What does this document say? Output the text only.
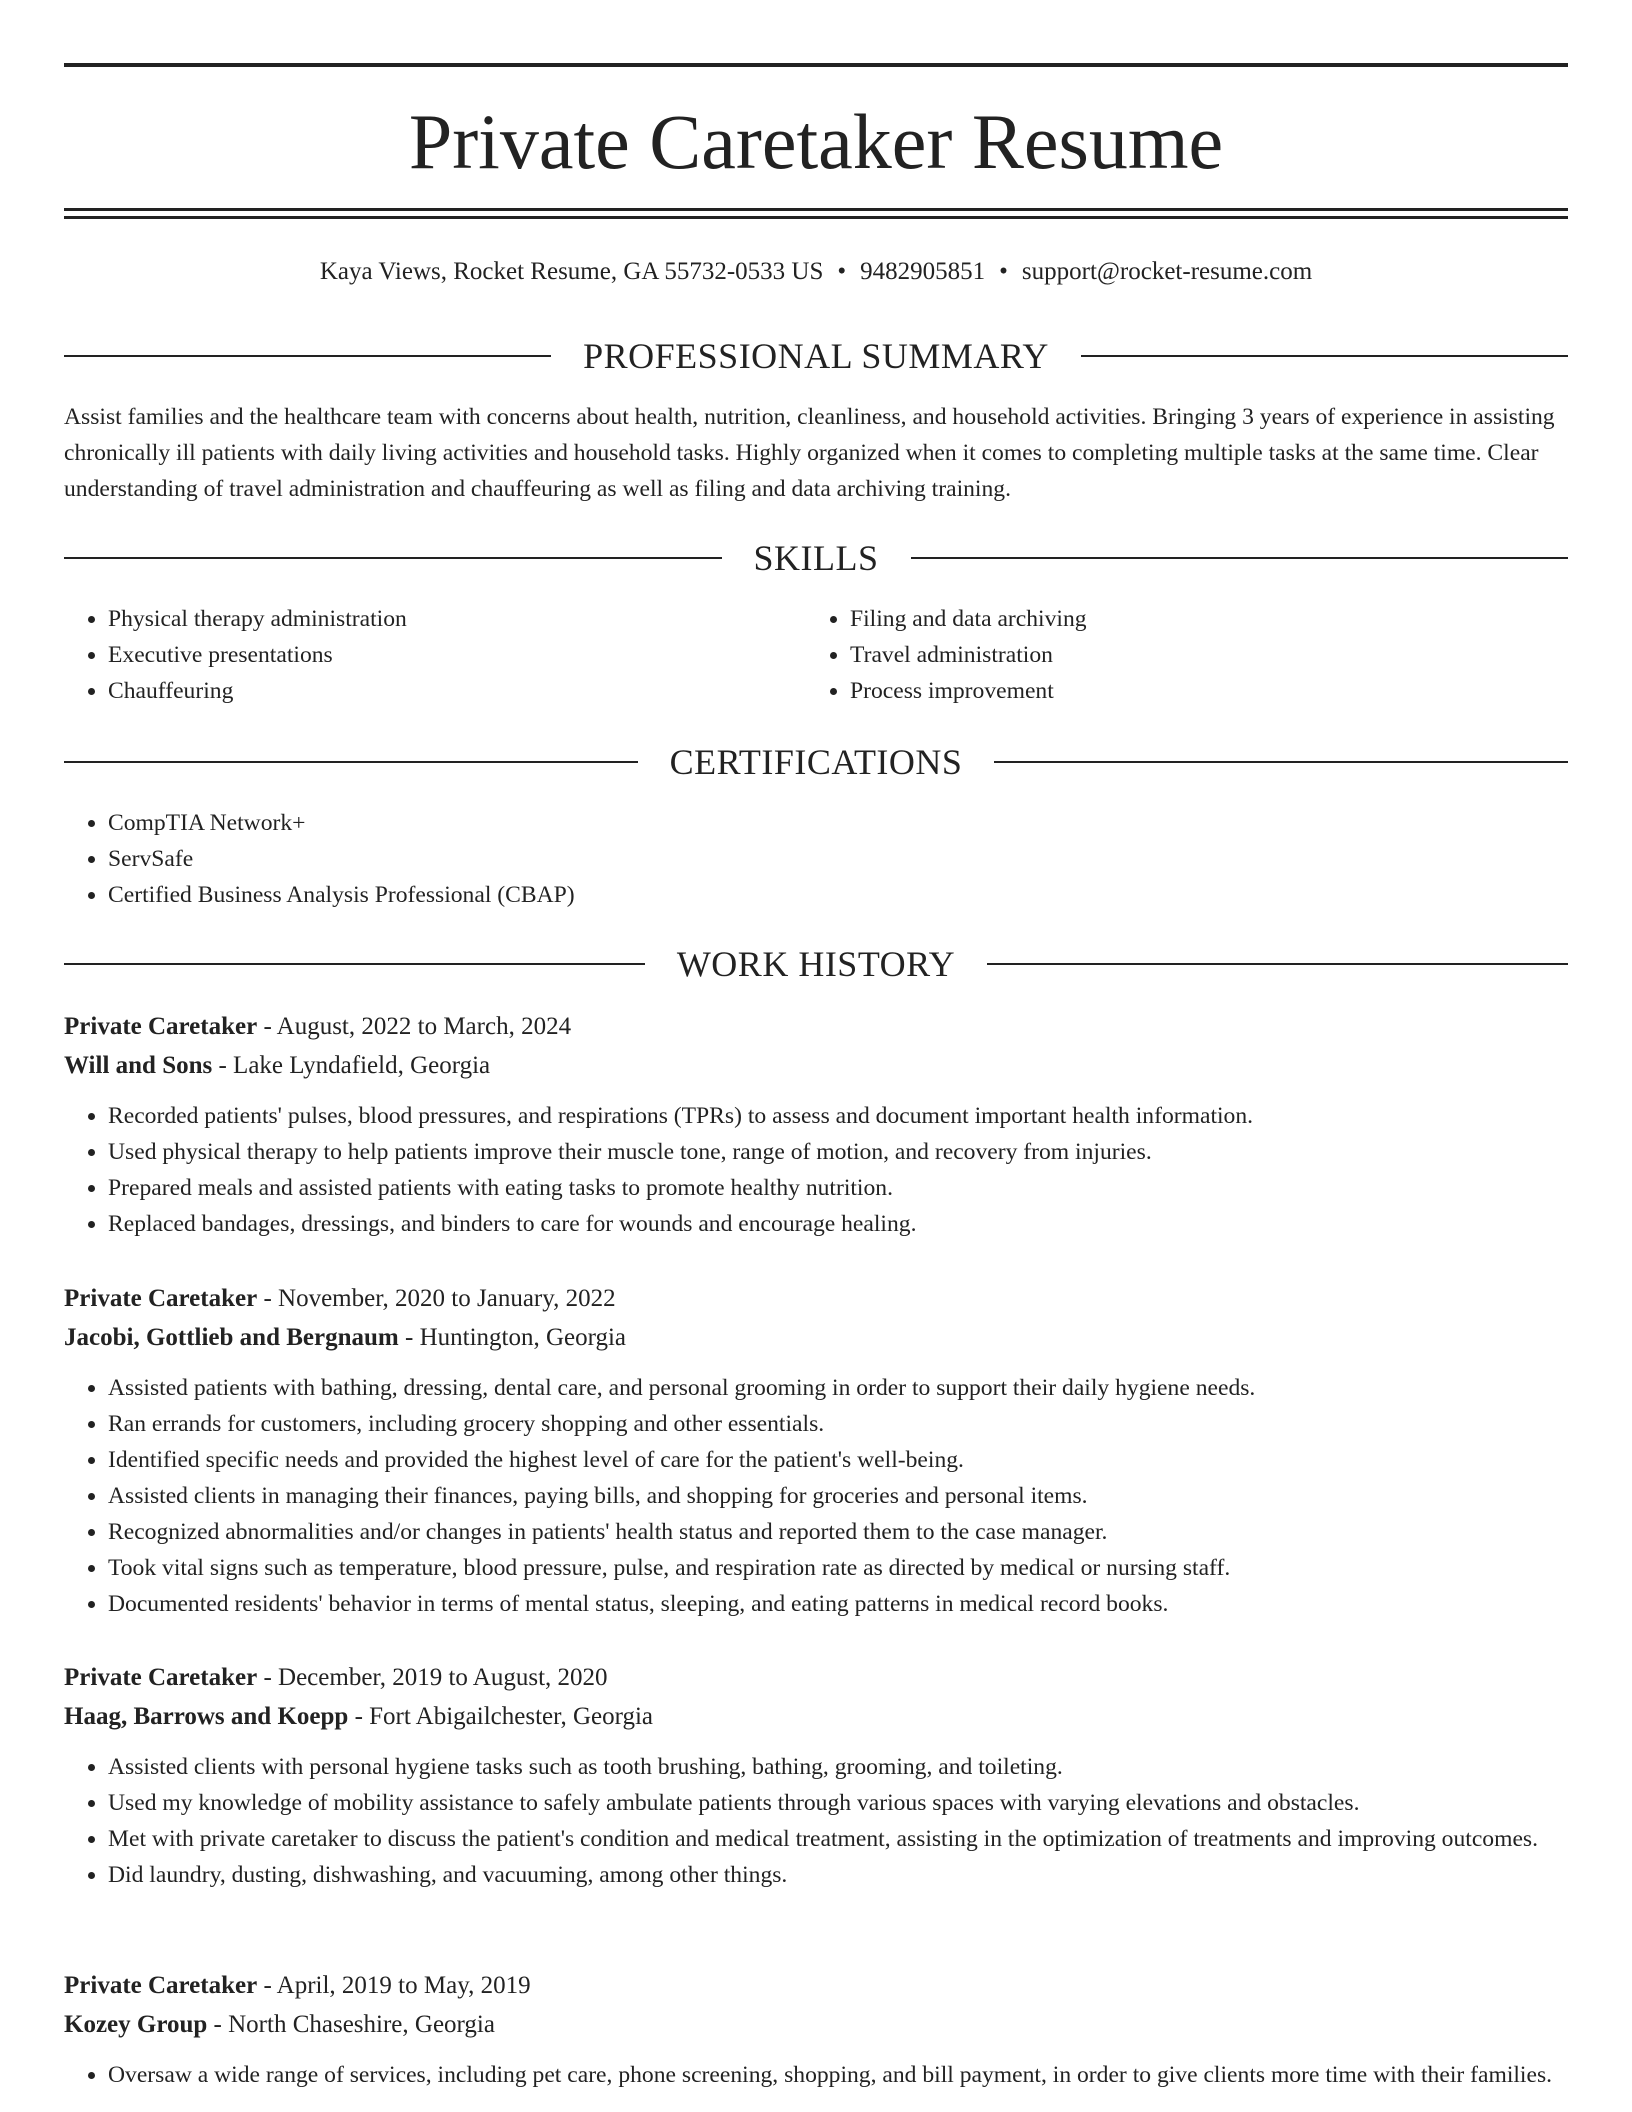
Private Caretaker Resume
Kaya Views, Rocket Resume, GA 55732-0533 US • 9482905851 • support@rocket-resume.com
PROFESSIONAL SUMMARY

Assist families and the healthcare team with concerns about health, nutrition, cleanliness, and household activities. Bringing 3 years of experience in assisting chronically ill patients with daily living activities and household tasks. Highly organized when it comes to completing multiple tasks at the same time. Clear understanding of travel administration and chauffeuring as well as filing and data archiving training.

SKILLS
• Physical therapy administration
• Executive presentations
• Chauffeuring
• Filing and data archiving
• Travel administration
• Process improvement
CERTIFICATIONS
• CompTIA Network+
• ServSafe
• Certified Business Analysis Professional (CBAP)
WORK HISTORY
Private Caretaker - August, 2022 to March, 2024
Will and Sons - Lake Lyndafield, Georgia
• Recorded patients' pulses, blood pressures, and respirations (TPRs) to assess and document important health information.
• Used physical therapy to help patients improve their muscle tone, range of motion, and recovery from injuries.
• Prepared meals and assisted patients with eating tasks to promote healthy nutrition.
• Replaced bandages, dressings, and binders to care for wounds and encourage healing.
Private Caretaker - November, 2020 to January, 2022
Jacobi, Gottlieb and Bergnaum - Huntington, Georgia
• Assisted patients with bathing, dressing, dental care, and personal grooming in order to support their daily hygiene needs.
• Ran errands for customers, including grocery shopping and other essentials.
• Identified specific needs and provided the highest level of care for the patient's well-being.
• Assisted clients in managing their finances, paying bills, and shopping for groceries and personal items.
• Recognized abnormalities and/or changes in patients' health status and reported them to the case manager.
• Took vital signs such as temperature, blood pressure, pulse, and respiration rate as directed by medical or nursing staff.
• Documented residents' behavior in terms of mental status, sleeping, and eating patterns in medical record books.
Private Caretaker - December, 2019 to August, 2020
Haag, Barrows and Koepp - Fort Abigailchester, Georgia
• Assisted clients with personal hygiene tasks such as tooth brushing, bathing, grooming, and toileting.
• Used my knowledge of mobility assistance to safely ambulate patients through various spaces with varying elevations and obstacles.
• Met with private caretaker to discuss the patient's condition and medical treatment, assisting in the optimization of treatments and improving outcomes.
• Did laundry, dusting, dishwashing, and vacuuming, among other things.
Private Caretaker - April, 2019 to May, 2019
Kozey Group - North Chaseshire, Georgia
• Oversaw a wide range of services, including pet care, phone screening, shopping, and bill payment, in order to give clients more time with their families.
